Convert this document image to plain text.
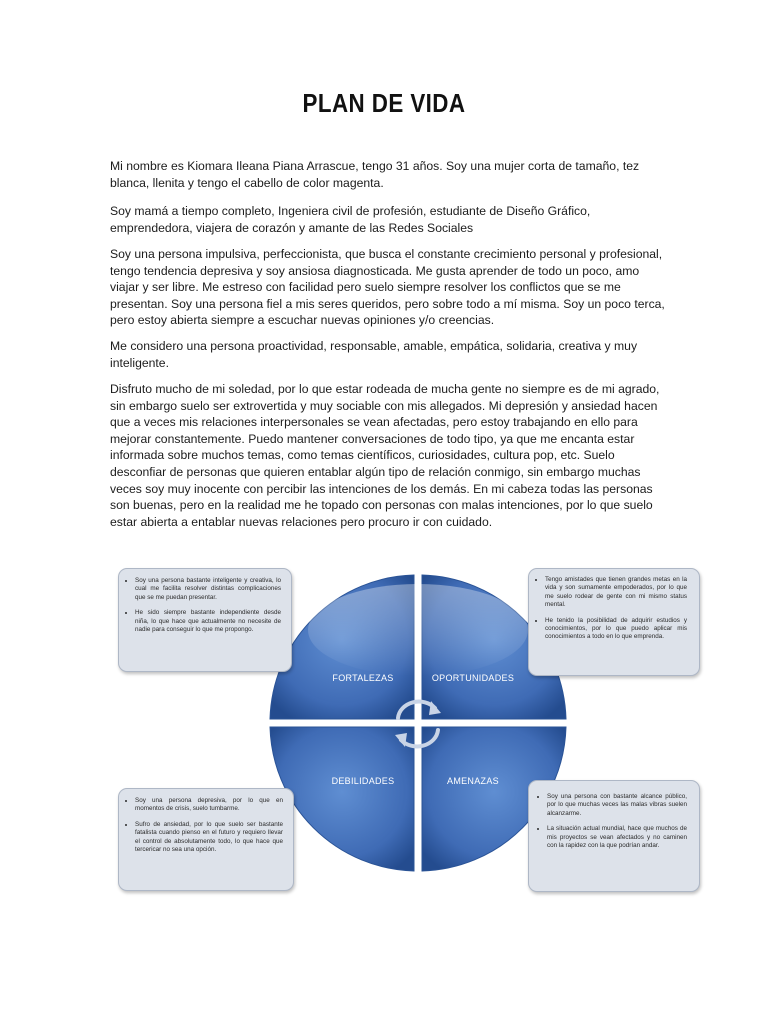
PLAN DE VIDA

Mi nombre es Kiomara Ileana Piana Arrascue, tengo 31 años. Soy una mujer corta de tamaño, tez blanca, llenita y tengo el cabello de color magenta.

Soy mamá a tiempo completo, Ingeniera civil de profesión, estudiante de Diseño Gráfico, emprendedora, viajera de corazón y amante de las Redes Sociales

Soy una persona impulsiva, perfeccionista, que busca el constante crecimiento personal y profesional, tengo tendencia depresiva y soy ansiosa diagnosticada. Me gusta aprender de todo un poco, amo viajar y ser libre. Me estreso con facilidad pero suelo siempre resolver los conflictos que se me presentan. Soy una persona fiel a mis seres queridos, pero sobre todo a mí misma. Soy un poco terca, pero estoy abierta siempre a escuchar nuevas opiniones y/o creencias.

Me considero una persona proactividad, responsable, amable, empática, solidaria, creativa y muy inteligente.

Disfruto mucho de mi soledad, por lo que estar rodeada de mucha gente no siempre es de mi agrado, sin embargo suelo ser extrovertida y muy sociable con mis allegados. Mi depresión y ansiedad hacen que a veces mis relaciones interpersonales se vean afectadas, pero estoy trabajando en ello para mejorar constantemente. Puedo mantener conversaciones de todo tipo, ya que me encanta estar informada sobre muchos temas, como temas científicos, curiosidades, cultura pop, etc. Suelo desconfiar de personas que quieren entablar algún tipo de relación conmigo, sin embargo muchas veces soy muy inocente con percibir las intenciones de los demás. En mi cabeza todas las personas son buenas, pero en la realidad me he topado con personas con malas intenciones, por lo que suelo estar abierta a entablar nuevas relaciones pero procuro ir con cuidado.

FORTALEZAS	OPORTUNIDADES
DEBILIDADES	AMENAZAS
• Soy una persona bastante inteligente y creativa, lo cual me facilita resolver distintas complicaciones que se me puedan presentar.
• He sido siempre bastante independiente desde niña, lo que hace que actualmente no necesite de nadie para conseguir lo que me propongo.
• Tengo amistades que tienen grandes metas en la vida y son sumamente empoderados, por lo que me suelo rodear de gente con mi mismo status mental.
• He tenido la posibilidad de adquirir estudios y conocimientos, por lo que puedo aplicar mis conocimientos a todo en lo que emprenda.
• Soy una persona depresiva, por lo que en momentos de crisis, suelo tumbarme.
• Sufro de ansiedad, por lo que suelo ser bastante fatalista cuando pienso en el futuro y requiero llevar el control de absolutamente todo, lo que hace que tercericar no sea una opción.
• Soy una persona con bastante alcance público, por lo que muchas veces las malas vibras suelen alcanzarme.
• La situación actual mundial, hace que muchos de mis proyectos se vean afectados y no caminen con la rapidez con la que podrían andar.
